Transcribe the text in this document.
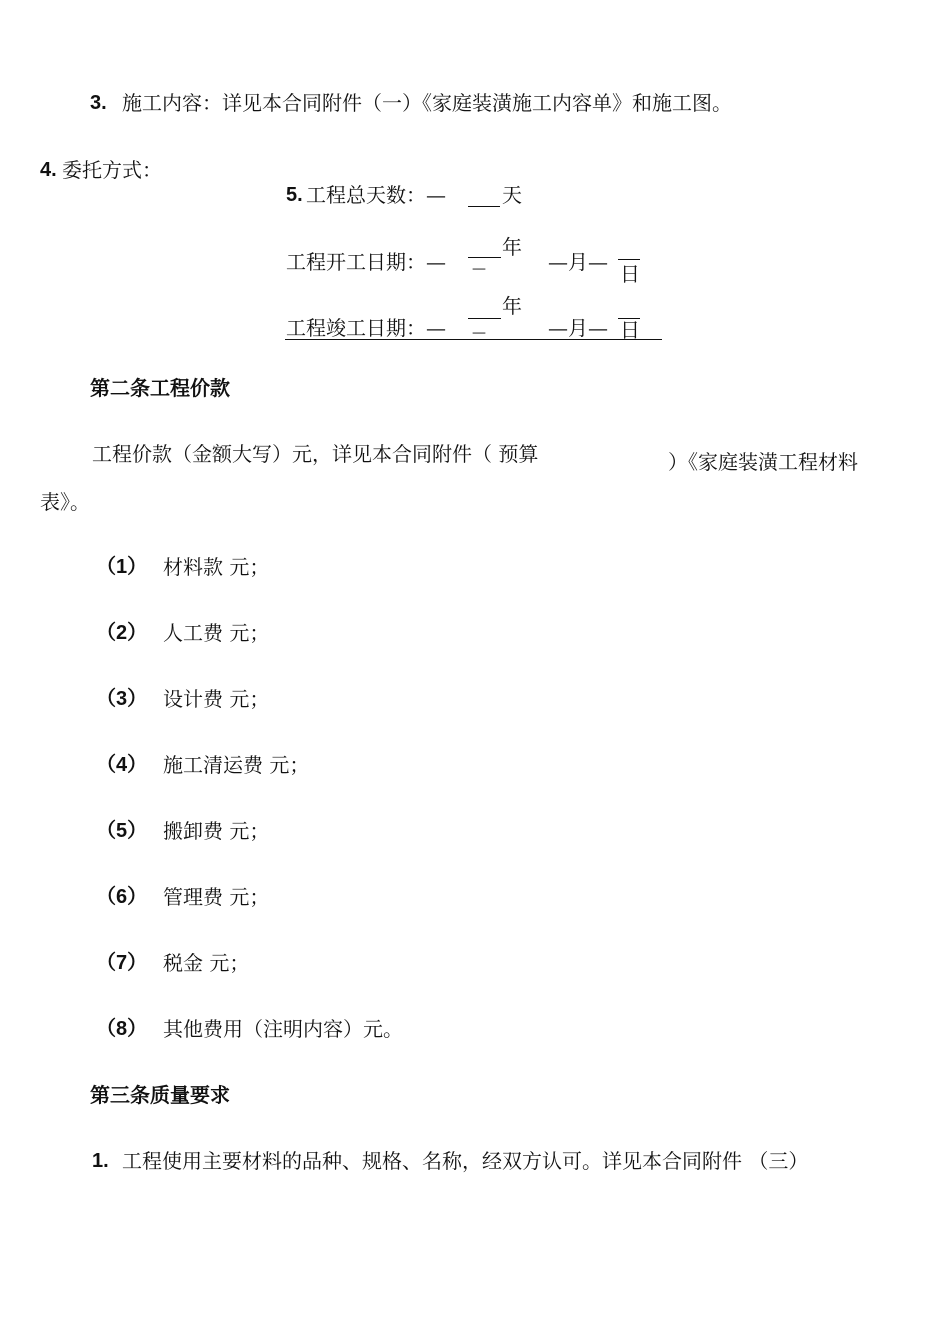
3. 施工内容：详见本合同附件（一）《家庭装潢施工内容单》和施工图。
4. 委托方式：
5. 工程总天数：—	天
工程开工日期：— —
年
—月— 日
工程竣工日期：— —
年
—月— 日
第二条工程价款
工程价款（金额大写）元，详见本合同附件（ 预算	）《家庭装潢工程材料
表》。
（1） 材料款 元；
（2） 人工费 元；
（3） 设计费 元；
（4） 施工清运费 元；
（5） 搬卸费 元；
（6） 管理费 元；
（7） 税金 元；
（8） 其他费用（注明内容）元。
第三条质量要求
1. 工程使用主要材料的品种、规格、名称，经双方认可。详见本合同附件 （三）
